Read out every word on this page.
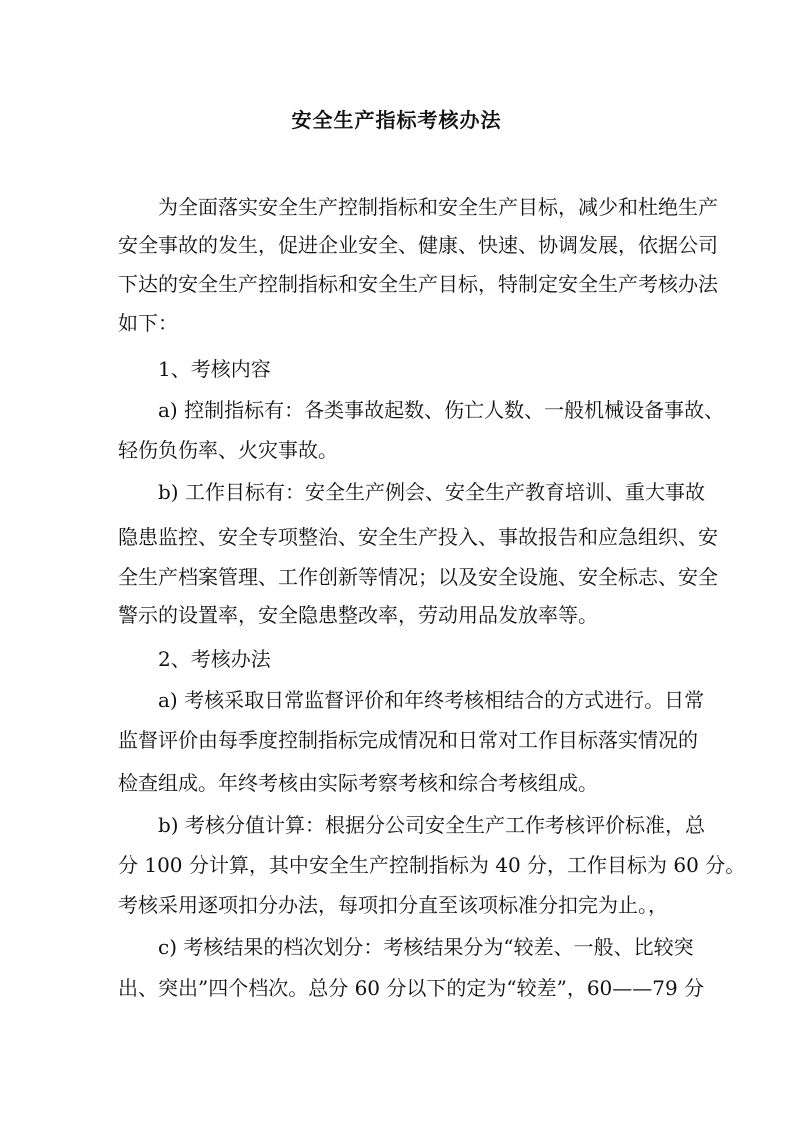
安全生产指标考核办法
为全面落实安全生产控制指标和安全生产目标，减少和杜绝生产
安全事故的发生，促进企业安全、健康、快速、协调发展，依据公司
下达的安全生产控制指标和安全生产目标，特制定安全生产考核办法
如下：
1、考核内容
a) 控制指标有：各类事故起数、伤亡人数、一般机械设备事故、
轻伤负伤率、火灾事故。
b) 工作目标有：安全生产例会、安全生产教育培训、重大事故
隐患监控、安全专项整治、安全生产投入、事故报告和应急组织、安
全生产档案管理、工作创新等情况；以及安全设施、安全标志、安全
警示的设置率，安全隐患整改率，劳动用品发放率等。
2、考核办法
a) 考核采取日常监督评价和年终考核相结合的方式进行。日常
监督评价由每季度控制指标完成情况和日常对工作目标落实情况的
检查组成。年终考核由实际考察考核和综合考核组成。
b) 考核分值计算：根据分公司安全生产工作考核评价标准，总
分 100 分计算，其中安全生产控制指标为 40 分，工作目标为 60 分。
考核采用逐项扣分办法，每项扣分直至该项标准分扣完为止。，
c) 考核结果的档次划分：考核结果分为“较差、一般、比较突
出、突出”四个档次。总分 60 分以下的定为“较差”，60——79 分
